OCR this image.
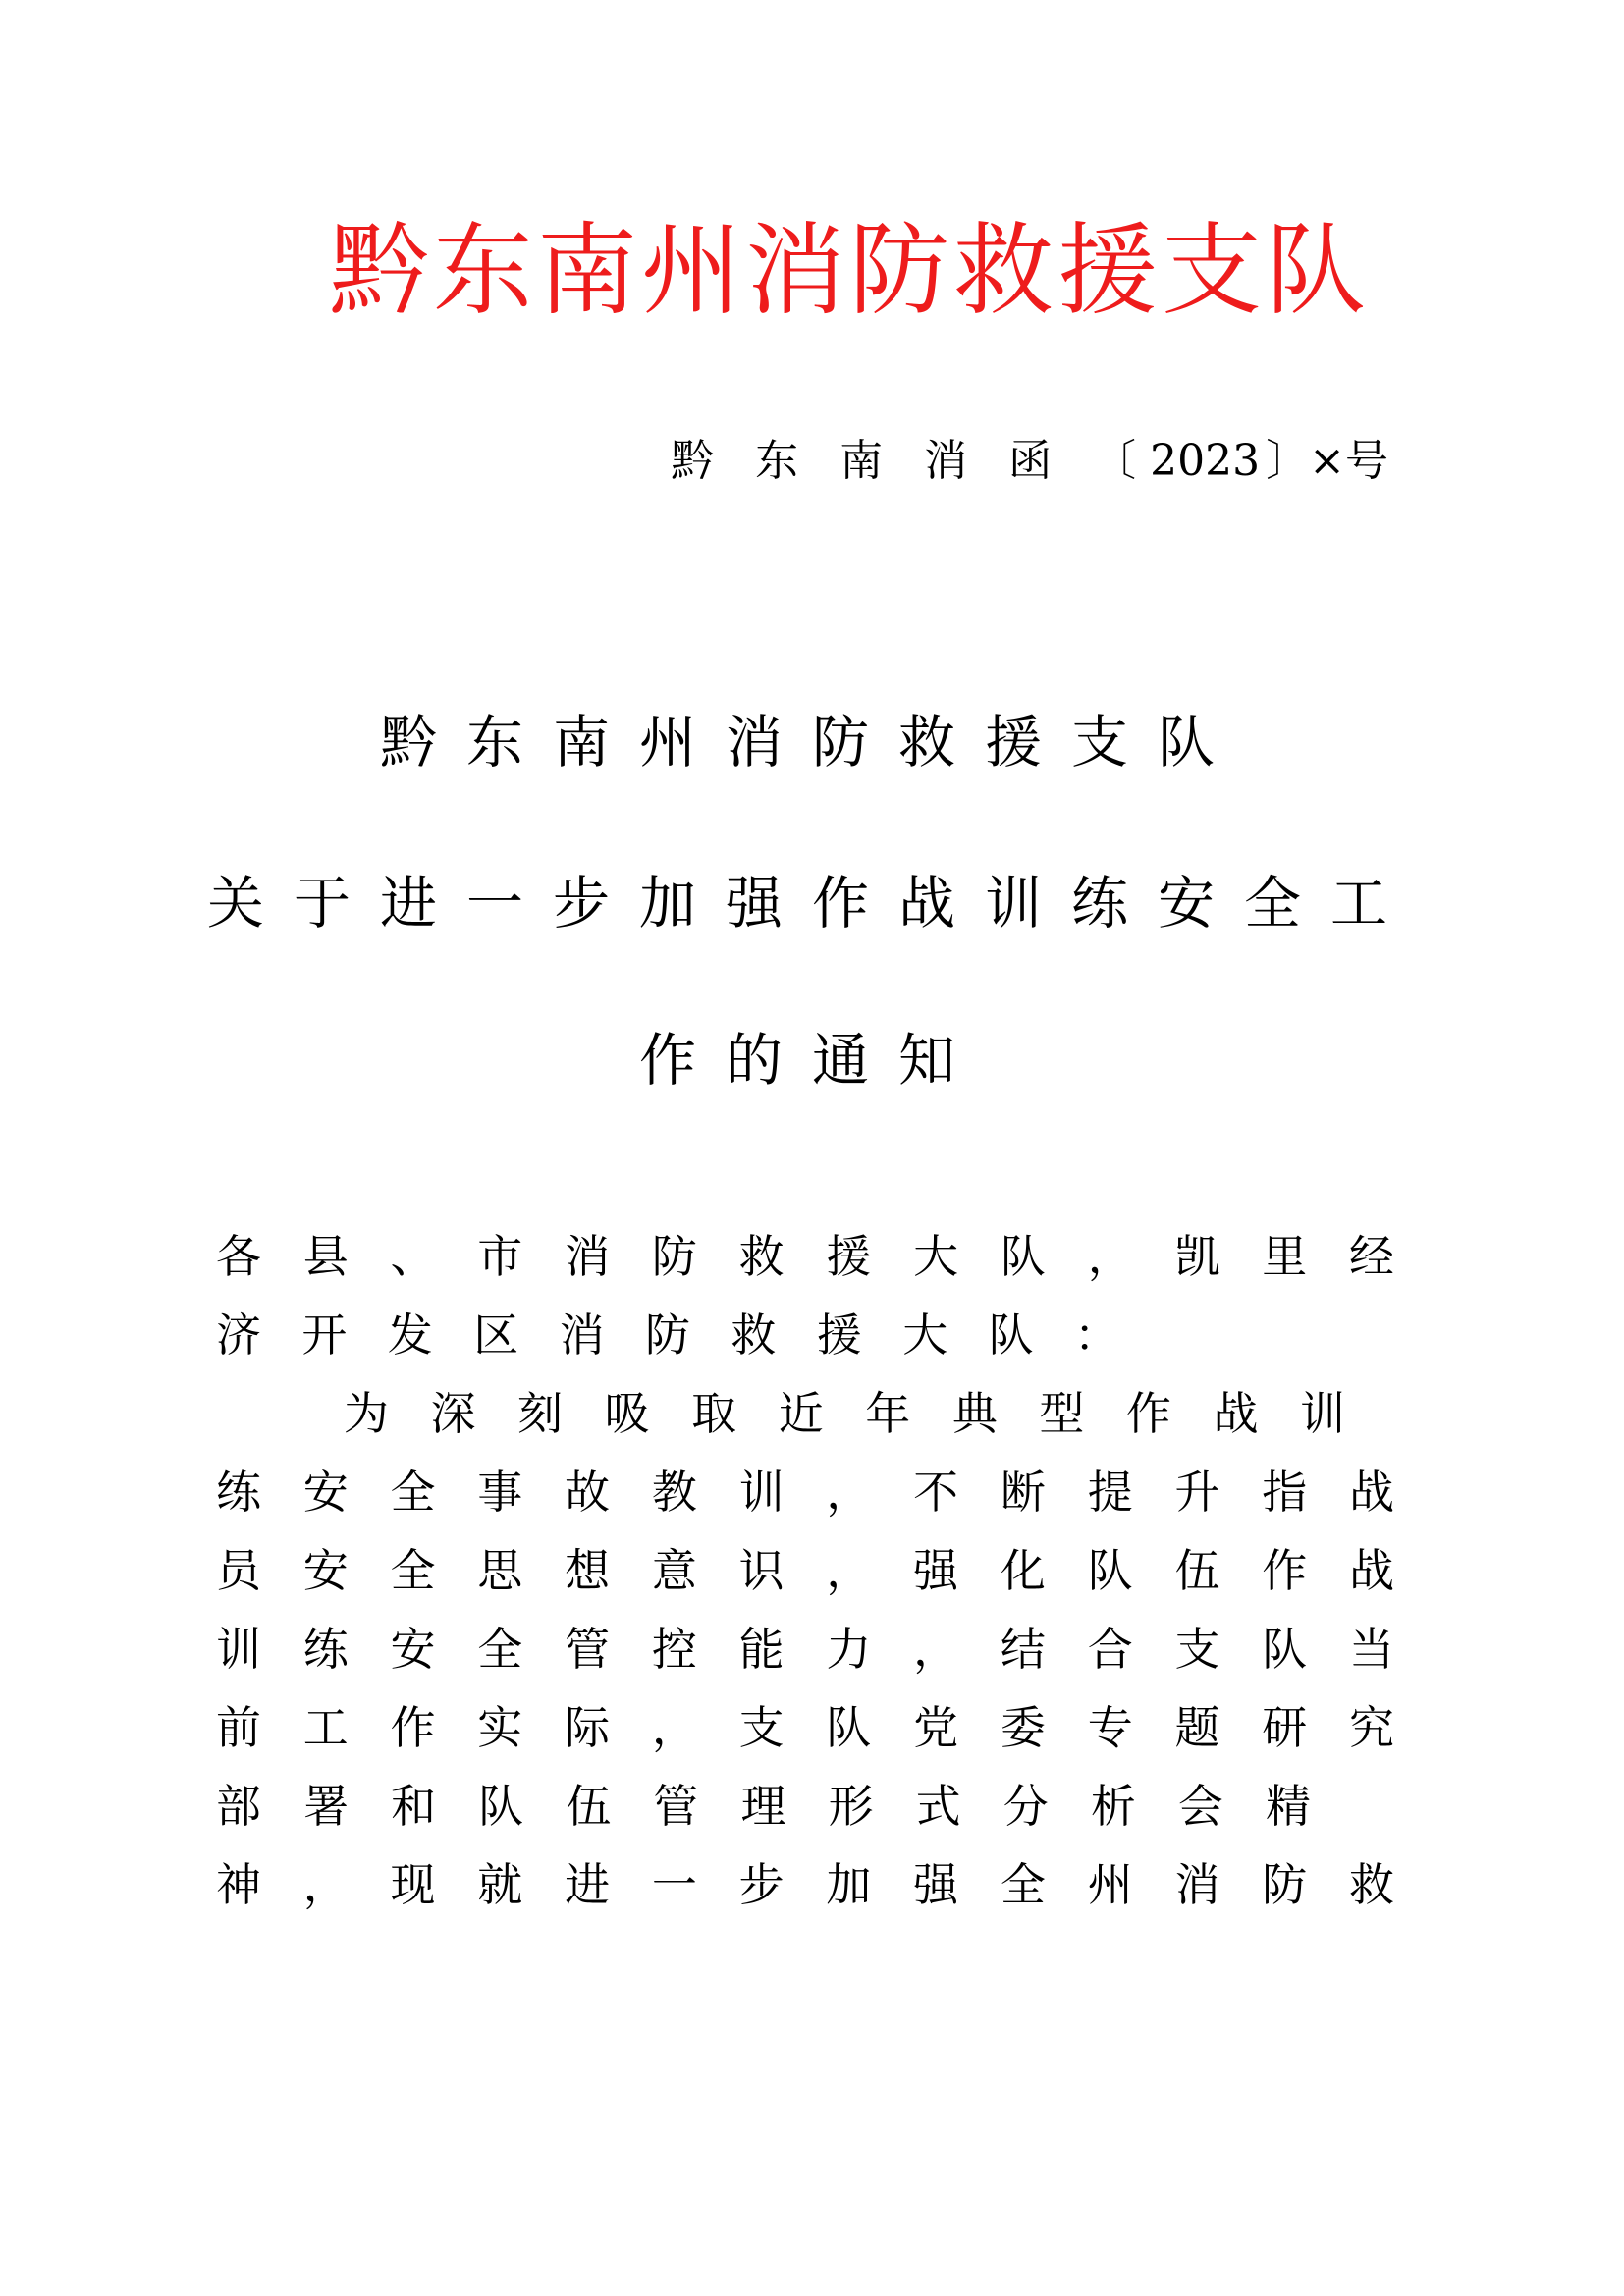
黔东南州消防救援支队
黔东南消函〔 2023 〕×号
黔东南州消防救援支队
关于进一步加强作战训练安全工
作的通知
各县、市消防救援大队，凯里经
济开发区消防救援大队：
为深刻吸取近年典型作战训
练安全事故教训，不断提升指战
员安全思想意识，强化队伍作战
训练安全管控能力，结合支队当
前工作实际，支队党委专题研究
部署和队伍管理形式分析会精
神，现就进一步加强全州消防救
